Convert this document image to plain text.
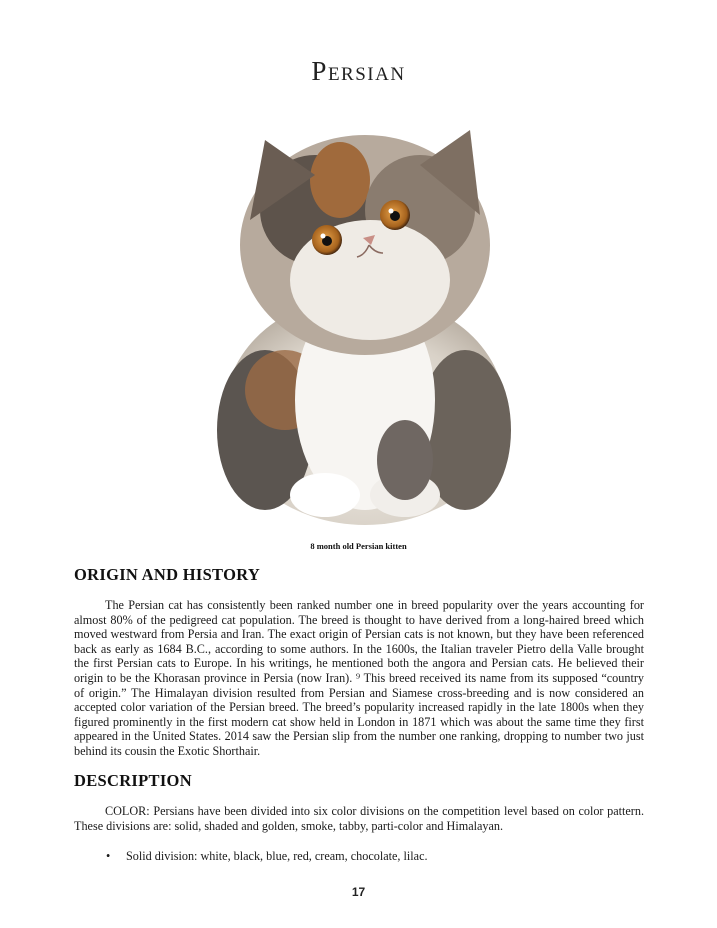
Persian
8 month old Persian kitten
ORIGIN AND HISTORY
The Persian cat has consistently been ranked number one in breed popularity over the years accounting for almost 80% of the pedigreed cat population. The breed is thought to have derived from a long-haired breed which moved westward from Persia and Iran. The exact origin of Persian cats is not known, but they have been referenced back as early as 1684 B.C., according to some authors. In the 1600s, the Italian traveler Pietro della Valle brought the first Persian cats to Europe. In his writings, he mentioned both the angora and Persian cats. He believed their origin to be the Khorasan province in Persia (now Iran). ⁹ This breed received its name from its supposed “country of origin.” The Himalayan division resulted from Persian and Siamese cross-breeding and is now considered an accepted color variation of the Persian breed. The breed’s popularity increased rapidly in the late 1800s when they figured prominently in the first modern cat show held in London in 1871 which was about the same time they first appeared in the United States. 2014 saw the Persian slip from the number one ranking, dropping to number two just behind its cousin the Exotic Shorthair.
DESCRIPTION
COLOR: Persians have been divided into six color divisions on the competition level based on color pattern. These divisions are: solid, shaded and golden, smoke, tabby, parti-color and Himalayan.
• Solid division: white, black, blue, red, cream, chocolate, lilac.
17
